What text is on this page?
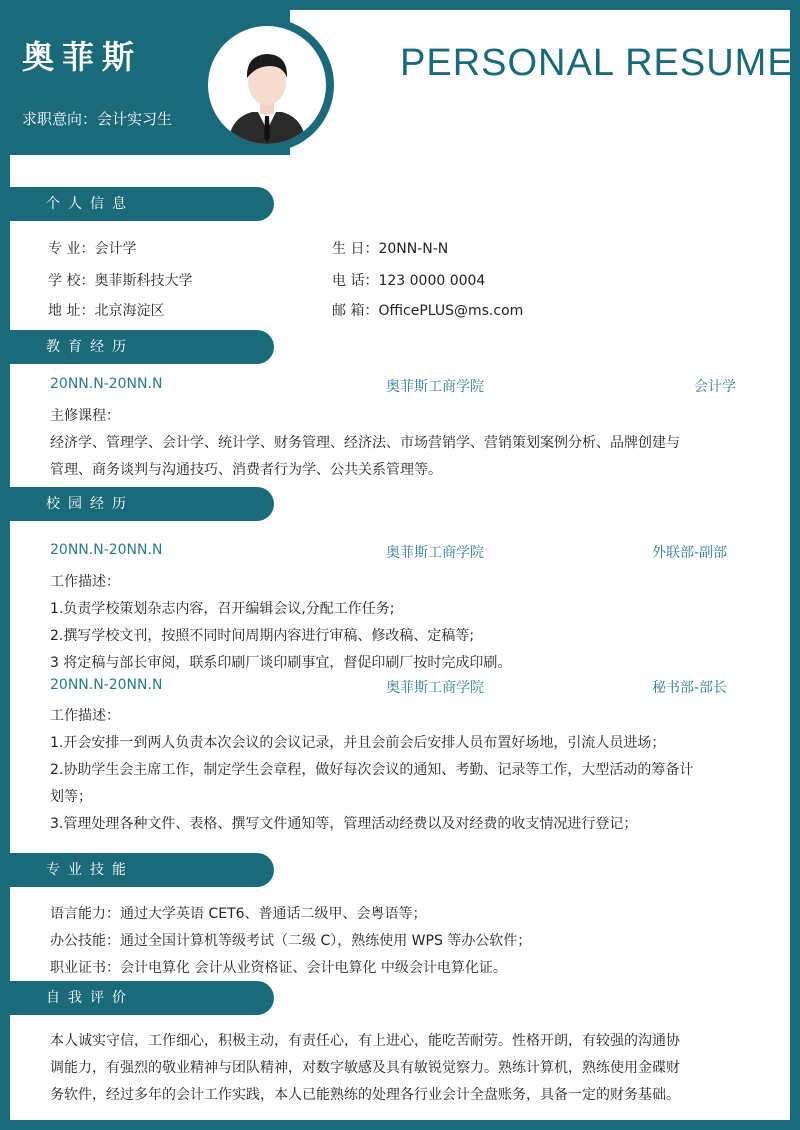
奥菲斯
求职意向：会计实习生
PERSONAL RESUME
个人信息
专 业：会计学	生 日：20NN-N-N
学 校：奥菲斯科技大学	电 话：123 0000 0004
地 址：北京海淀区	邮 箱：OfficePLUS@ms.com
教育经历
20NN.N-20NN.N	奥菲斯工商学院	会计学
主修课程：
经济学、管理学、会计学、统计学、财务管理、经济法、市场营销学、营销策划案例分析、品牌创建与
管理、商务谈判与沟通技巧、消费者行为学、公共关系管理等。
校园经历
20NN.N-20NN.N	奥菲斯工商学院	外联部-副部
工作描述：
1.负责学校策划杂志内容，召开编辑会议,分配工作任务;
2.撰写学校文刊，按照不同时间周期内容进行审稿、修改稿、定稿等;
3 将定稿与部长审阅，联系印刷厂谈印刷事宜，督促印刷厂按时完成印刷。
20NN.N-20NN.N	奥菲斯工商学院	秘书部-部长
工作描述：
1.开会安排一到两人负责本次会议的会议记录，并且会前会后安排人员布置好场地，引流人员进场；
2.协助学生会主席工作，制定学生会章程，做好每次会议的通知、考勤、记录等工作，大型活动的筹备计
划等；
3.管理处理各种文件、表格、撰写文件通知等，管理活动经费以及对经费的收支情况进行登记；
专业技能
语言能力：通过大学英语 CET6、普通话二级甲、会粤语等；
办公技能：通过全国计算机等级考试（二级 C），熟练使用 WPS 等办公软件；
职业证书：会计电算化 会计从业资格证、会计电算化 中级会计电算化证。
自我评价
本人诚实守信，工作细心，积极主动，有责任心，有上进心，能吃苦耐劳。性格开朗，有较强的沟通协
调能力，有强烈的敬业精神与团队精神，对数字敏感及具有敏锐觉察力。熟练计算机，熟练使用金碟财
务软件，经过多年的会计工作实践，本人已能熟练的处理各行业会计全盘账务，具备一定的财务基础。
